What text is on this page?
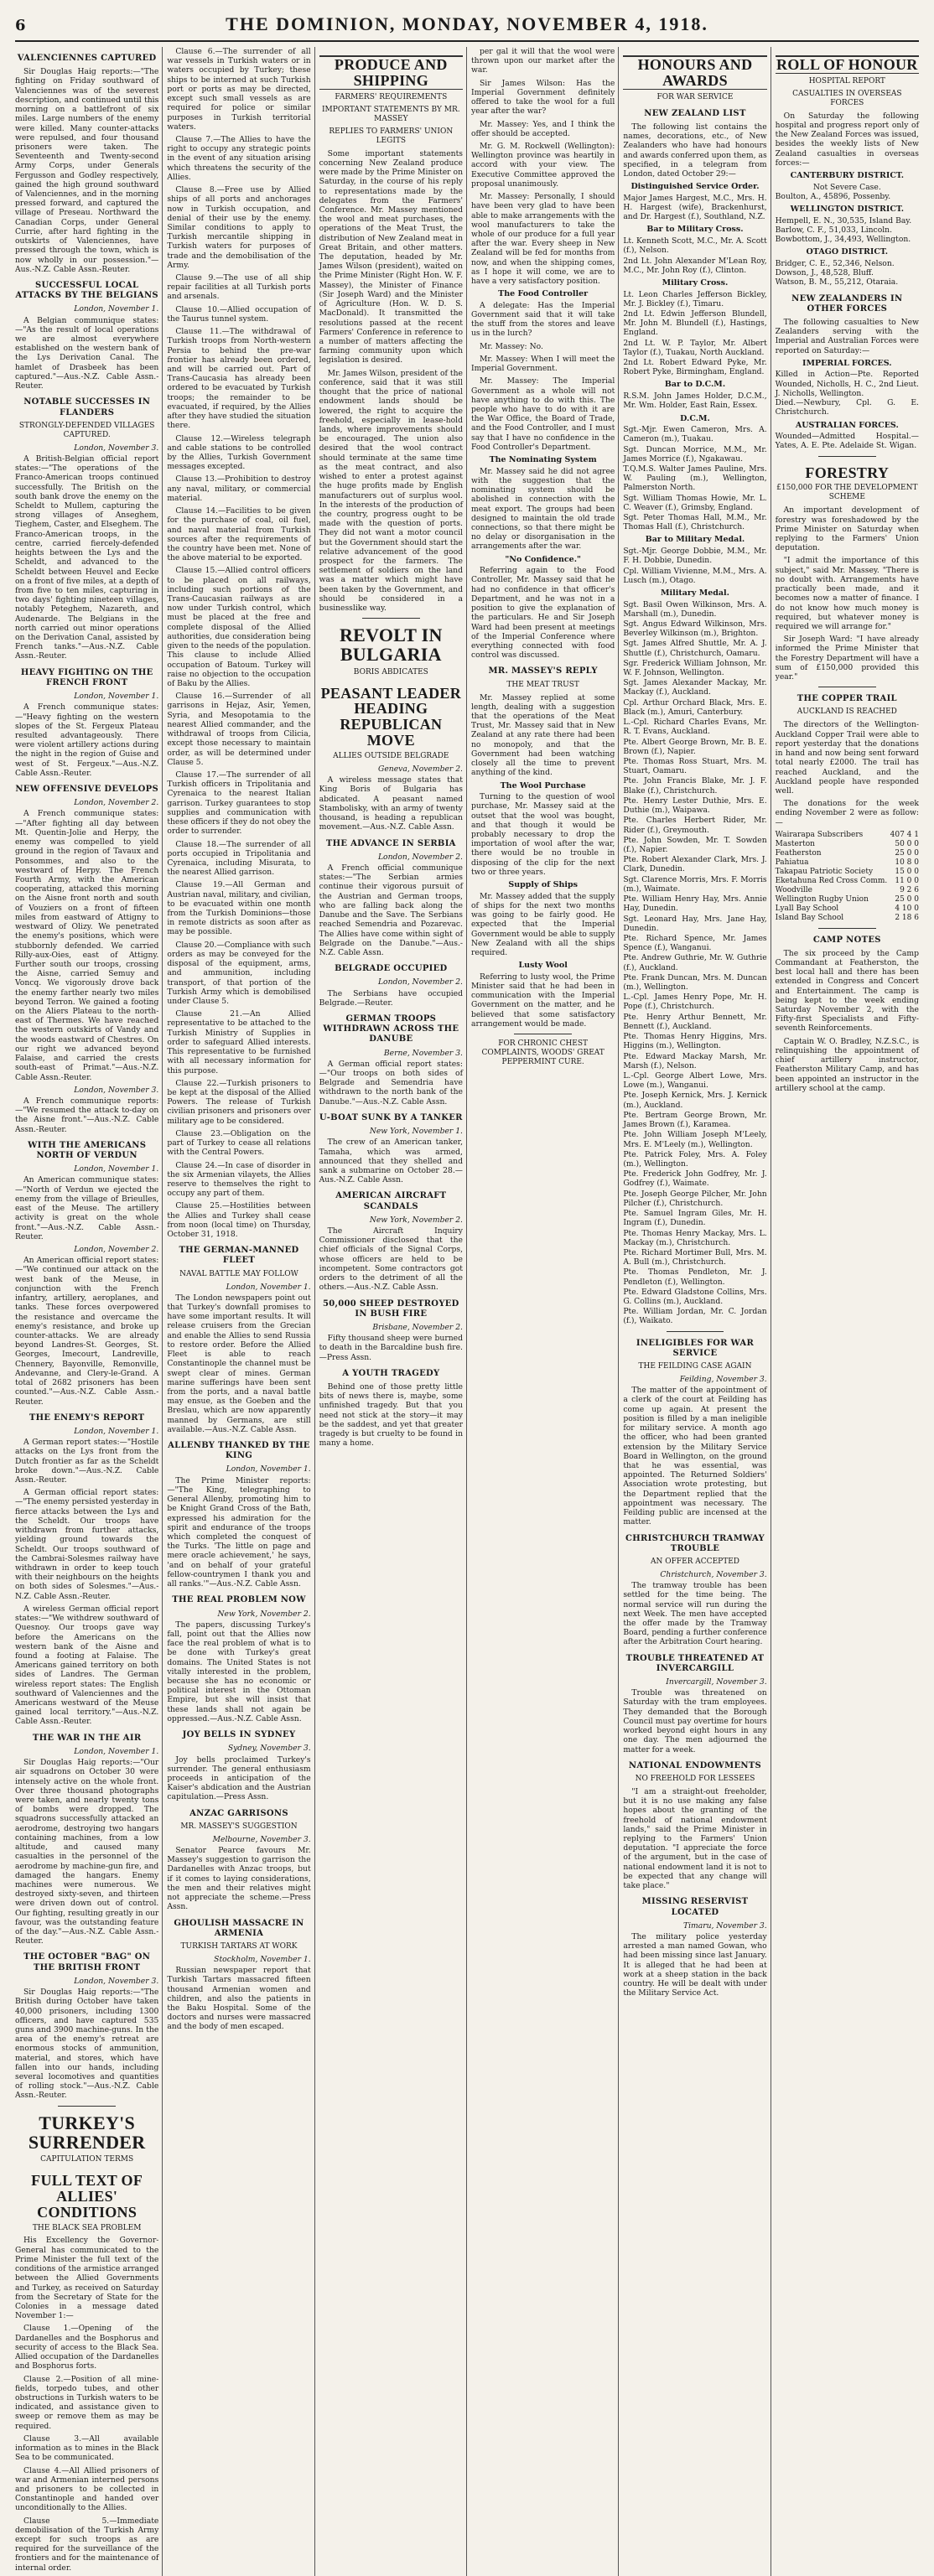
6	THE DOMINION, MONDAY, NOVEMBER 4, 1918.
VALENCIENNES CAPTURED

Sir Douglas Haig reports:—"The fighting on Friday southward of Valenciennes was of the severest description, and continued until this morning on a battlefront of six miles. Large numbers of the enemy were killed. Many counter-attacks were repulsed, and four thousand prisoners were taken. The Seventeenth and Twenty-second Army Corps, under Generals Fergusson and Godley respectively, gained the high ground southward of Valenciennes, and in the morning pressed forward, and captured the village of Preseau. Northward the Canadian Corps, under General Currie, after hard fighting in the outskirts of Valenciennes, have pressed through the town, which is now wholly in our possession."—Aus.-N.Z. Cable Assn.-Reuter.

SUCCESSFUL LOCAL ATTACKS BY THE BELGIANS
London, November 1.

A Belgian communique states:—"As the result of local operations we are almost everywhere established on the western bank of the Lys Derivation Canal. The hamlet of Drasbeek has been captured."—Aus.-N.Z. Cable Assn.-Reuter.

NOTABLE SUCCESSES IN FLANDERS
STRONGLY-DEFENDED VILLAGES CAPTURED.
London, November 3.

A British-Belgian official report states:—"The operations of the Franco-American troops continued successfully. The British on the south bank drove the enemy on the Scheldt to Mullem, capturing the strong villages of Anseghem, Tieghem, Caster, and Elseghem. The Franco-American troops, in the centre, carried fiercely-defended heights between the Lys and the Scheldt, and advanced to the Scheldt between Heuvel and Eecke on a front of five miles, at a depth of from five to ten miles, capturing in two days' fighting nineteen villages, notably Peteghem, Nazareth, and Audenarde. The Belgians in the north carried out minor operations on the Derivation Canal, assisted by French tanks."—Aus.-N.Z. Cable Assn.-Reuter.

HEAVY FIGHTING ON THE FRENCH FRONT
London, November 1.

A French communique states:—"Heavy fighting on the western slopes of the St. Fergeux Plateau resulted advantageously. There were violent artillery actions during the night in the region of Guise and west of St. Fergeux."—Aus.-N.Z. Cable Assn.-Reuter.

NEW OFFENSIVE DEVELOPS
London, November 2.

A French communique states:—"After fighting all day between Mt. Quentin-Jolie and Herpy, the enemy was compelled to yield ground in the region of Tavaux and Ponsommes, and also to the westward of Herpy. The French Fourth Army, with the American cooperating, attacked this morning on the Aisne front north and south of Vouziers on a front of fifteen miles from eastward of Attigny to westward of Olizy. We penetrated the enemy's positions, which were stubbornly defended. We carried Rilly-aux-Oies, east of Attigny. Further south our troops, crossing the Aisne, carried Semuy and Voncq. We vigorously drove back the enemy farther nearly two miles beyond Terron. We gained a footing on the Aliers Plateau to the north-east of Thermes. We have reached the western outskirts of Vandy and the woods eastward of Chestres. On our right we advanced beyond Falaise, and carried the crests south-east of Primat."—Aus.-N.Z. Cable Assn.-Reuter.

London, November 3.

A French communique reports:—"We resumed the attack to-day on the Aisne front."—Aus.-N.Z. Cable Assn.-Reuter.

WITH THE AMERICANS NORTH OF VERDUN
London, November 1.

An American communique states:—"North of Verdun we ejected the enemy from the village of Brieulles, east of the Meuse. The artillery activity is great on the whole front."—Aus.-N.Z. Cable Assn.-Reuter.

London, November 2.

An American official report states:—"We continued our attack on the west bank of the Meuse, in conjunction with the French infantry, artillery, aeroplanes, and tanks. These forces overpowered the resistance and overcame the enemy's resistance, and broke up counter-attacks. We are already beyond Landres-St. Georges, St. Georges, Imecourt, Landreville, Chennery, Bayonville, Remonville, Andevanne, and Clery-le-Grand. A total of 2682 prisoners has been counted."—Aus.-N.Z. Cable Assn.-Reuter.

THE ENEMY'S REPORT
London, November 1.

A German report states:—"Hostile attacks on the Lys front from the Dutch frontier as far as the Scheldt broke down."—Aus.-N.Z. Cable Assn.-Reuter.

A German official report states:—"The enemy persisted yesterday in fierce attacks between the Lys and the Scheldt. Our troops have withdrawn from further attacks, yielding ground towards the Scheldt. Our troops southward of the Cambrai-Solesmes railway have withdrawn in order to keep touch with their neighbours on the heights on both sides of Solesmes."—Aus.-N.Z. Cable Assn.-Reuter.

A wireless German official report states:—"We withdrew southward of Quesnoy. Our troops gave way before the Americans on the western bank of the Aisne and found a footing at Falaise. The Americans gained territory on both sides of Landres. The German wireless report states: The English southward of Valenciennes and the Americans westward of the Meuse gained local territory."—Aus.-N.Z. Cable Assn.-Reuter.

THE WAR IN THE AIR
London, November 1.

Sir Douglas Haig reports:—"Our air squadrons on October 30 were intensely active on the whole front. Over three thousand photographs were taken, and nearly twenty tons of bombs were dropped. The squadrons successfully attacked an aerodrome, destroying two hangars containing machines, from a low altitude, and caused many casualties in the personnel of the aerodrome by machine-gun fire, and damaged the hangars. Enemy machines were numerous. We destroyed sixty-seven, and thirteen were driven down out of control. Our fighting, resulting greatly in our favour, was the outstanding feature of the day."—Aus.-N.Z. Cable Assn.-Reuter.

THE OCTOBER "BAG" ON THE BRITISH FRONT
London, November 3.

Sir Douglas Haig reports:—"The British during October have taken 40,000 prisoners, including 1300 officers, and have captured 535 guns and 3900 machine-guns. In the area of the enemy's retreat are enormous stocks of ammunition, material, and stores, which have fallen into our hands, including several locomotives and quantities of rolling stock."—Aus.-N.Z. Cable Assn.-Reuter.

TURKEY'S SURRENDER
CAPITULATION TERMS
FULL TEXT OF ALLIES' CONDITIONS
THE BLACK SEA PROBLEM

His Excellency the Governor-General has communicated to the Prime Minister the full text of the conditions of the armistice arranged between the Allied Governments and Turkey, as received on Saturday from the Secretary of State for the Colonies in a message dated November 1:—

Clause 1.—Opening of the Dardanelles and the Bosphorus and security of access to the Black Sea. Allied occupation of the Dardanelles and Bosphorus forts.

Clause 2.—Position of all mine-fields, torpedo tubes, and other obstructions in Turkish waters to be indicated, and assistance given to sweep or remove them as may be required.

Clause 3.—All available information as to mines in the Black Sea to be communicated.

Clause 4.—All Allied prisoners of war and Armenian interned persons and prisoners to be collected in Constantinople and handed over unconditionally to the Allies.

Clause 5.—Immediate demobilisation of the Turkish Army except for such troops as are required for the surveillance of the frontiers and for the maintenance of internal order.

Clause 6.—The surrender of all war vessels in Turkish waters or in waters occupied by Turkey; these ships to be interned at such Turkish port or ports as may be directed, except such small vessels as are required for police or similar purposes in Turkish territorial waters.

Clause 7.—The Allies to have the right to occupy any strategic points in the event of any situation arising which threatens the security of the Allies.

Clause 8.—Free use by Allied ships of all ports and anchorages now in Turkish occupation, and denial of their use by the enemy. Similar conditions to apply to Turkish mercantile shipping in Turkish waters for purposes of trade and the demobilisation of the Army.

Clause 9.—The use of all ship repair facilities at all Turkish ports and arsenals.

Clause 10.—Allied occupation of the Taurus tunnel system.

Clause 11.—The withdrawal of Turkish troops from North-western Persia to behind the pre-war frontier has already been ordered, and will be carried out. Part of Trans-Caucasia has already been ordered to be evacuated by Turkish troops; the remainder to be evacuated, if required, by the Allies after they have studied the situation there.

Clause 12.—Wireless telegraph and cable stations to be controlled by the Allies, Turkish Government messages excepted.

Clause 13.—Prohibition to destroy any naval, military, or commercial material.

Clause 14.—Facilities to be given for the purchase of coal, oil fuel, and naval material from Turkish sources after the requirements of the country have been met. None of the above material to be exported.

Clause 15.—Allied control officers to be placed on all railways, including such portions of the Trans-Caucasian railways as are now under Turkish control, which must be placed at the free and complete disposal of the Allied authorities, due consideration being given to the needs of the population. This clause to include Allied occupation of Batoum. Turkey will raise no objection to the occupation of Baku by the Allies.

Clause 16.—Surrender of all garrisons in Hejaz, Asir, Yemen, Syria, and Mesopotamia to the nearest Allied commander, and the withdrawal of troops from Cilicia, except those necessary to maintain order, as will be determined under Clause 5.

Clause 17.—The surrender of all Turkish officers in Tripolitania and Cyrenaica to the nearest Italian garrison. Turkey guarantees to stop supplies and communication with these officers if they do not obey the order to surrender.

Clause 18.—The surrender of all ports occupied in Tripolitania and Cyrenaica, including Misurata, to the nearest Allied garrison.

Clause 19.—All German and Austrian naval, military, and civilian, to be evacuated within one month from the Turkish Dominions—those in remote districts as soon after as may be possible.

Clause 20.—Compliance with such orders as may be conveyed for the disposal of the equipment, arms, and ammunition, including transport, of that portion of the Turkish Army which is demobilised under Clause 5.

Clause 21.—An Allied representative to be attached to the Turkish Ministry of Supplies in order to safeguard Allied interests. This representative to be furnished with all necessary information for this purpose.

Clause 22.—Turkish prisoners to be kept at the disposal of the Allied Powers. The release of Turkish civilian prisoners and prisoners over military age to be considered.

Clause 23.—Obligation on the part of Turkey to cease all relations with the Central Powers.

Clause 24.—In case of disorder in the six Armenian vilayets, the Allies reserve to themselves the right to occupy any part of them.

Clause 25.—Hostilities between the Allies and Turkey shall cease from noon (local time) on Thursday, October 31, 1918.

THE GERMAN-MANNED FLEET
NAVAL BATTLE MAY FOLLOW
London, November 1.

The London newspapers point out that Turkey's downfall promises to have some important results. It will release cruisers from the Grecian and enable the Allies to send Russia to restore order. Before the Allied Fleet is able to reach Constantinople the channel must be swept clear of mines. German marine sufferings have been sent from the ports, and a naval battle may ensue, as the Goeben and the Breslau, which are now apparently manned by Germans, are still available.—Aus.-N.Z. Cable Assn.

ALLENBY THANKED BY THE KING
London, November 1.

The Prime Minister reports:—"The King, telegraphing to General Allenby, promoting him to be Knight Grand Cross of the Bath, expressed his admiration for the spirit and endurance of the troops which completed the conquest of the Turks. 'The little on page and mere oracle achievement,' he says, 'and on behalf of your grateful fellow-countrymen I thank you and all ranks.'"—Aus.-N.Z. Cable Assn.

THE REAL PROBLEM NOW
New York, November 2.

The papers, discussing Turkey's fall, point out that the Allies now face the real problem of what is to be done with Turkey's great domains. The United States is not vitally interested in the problem, because she has no economic or political interest in the Ottoman Empire, but she will insist that these lands shall not again be oppressed.—Aus.-N.Z. Cable Assn.

JOY BELLS IN SYDNEY
Sydney, November 3.

Joy bells proclaimed Turkey's surrender. The general enthusiasm proceeds in anticipation of the Kaiser's abdication and the Austrian capitulation.—Press Assn.

ANZAC GARRISONS
MR. MASSEY'S SUGGESTION
Melbourne, November 3.

Senator Pearce favours Mr. Massey's suggestion to garrison the Dardanelles with Anzac troops, but if it comes to laying considerations, the men and their relatives might not appreciate the scheme.—Press Assn.

GHOULISH MASSACRE IN ARMENIA
TURKISH TARTARS AT WORK
Stockholm, November 1.

Russian newspaper report that Turkish Tartars massacred fifteen thousand Armenian women and children, and also the patients in the Baku Hospital. Some of the doctors and nurses were massacred and the body of men escaped.

PRODUCE AND SHIPPING
FARMERS' REQUIREMENTS
IMPORTANT STATEMENTS BY MR. MASSEY
REPLIES TO FARMERS' UNION LEGITS

Some important statements concerning New Zealand produce were made by the Prime Minister on Saturday, in the course of his reply to representations made by the delegates from the Farmers' Conference. Mr. Massey mentioned the wool and meat purchases, the operations of the Meat Trust, the distribution of New Zealand meat in Great Britain, and other matters. The deputation, headed by Mr. James Wilson (president), waited on the Prime Minister (Right Hon. W. F. Massey), the Minister of Finance (Sir Joseph Ward) and the Minister of Agriculture (Hon. W. D. S. MacDonald). It transmitted the resolutions passed at the recent Farmers' Conference in reference to a number of matters affecting the farming community upon which legislation is desired.

Mr. James Wilson, president of the conference, said that it was still thought that the price of national endowment lands should be lowered, the right to acquire the freehold, especially in lease-hold lands, where improvements should be encouraged. The union also desired that the wool contract should terminate at the same time as the meat contract, and also wished to enter a protest against the huge profits made by English manufacturers out of surplus wool. In the interests of the production of the country, progress ought to be made with the question of ports. They did not want a motor council but the Government should start the relative advancement of the good prospect for the farmers. The settlement of soldiers on the land was a matter which might have been taken by the Government, and should be considered in a businesslike way.

REVOLT IN BULGARIA
BORIS ABDICATES
PEASANT LEADER HEADING REPUBLICAN MOVE
ALLIES OUTSIDE BELGRADE
Geneva, November 2.

A wireless message states that King Boris of Bulgaria has abdicated. A peasant named Stambolisky, with an army of twenty thousand, is heading a republican movement.—Aus.-N.Z. Cable Assn.

THE ADVANCE IN SERBIA
London, November 2.

A French official communique states:—"The Serbian armies continue their vigorous pursuit of the Austrian and German troops, who are falling back along the Danube and the Save. The Serbians reached Semendria and Pozarevac. The Allies have come within sight of Belgrade on the Danube."—Aus.-N.Z. Cable Assn.

BELGRADE OCCUPIED
London, November 2.

The Serbians have occupied Belgrade.—Reuter.

GERMAN TROOPS WITHDRAWN ACROSS THE DANUBE
Berne, November 3.

A German official report states:—"Our troops on both sides of Belgrade and Semendria have withdrawn to the north bank of the Danube."—Aus.-N.Z. Cable Assn.

U-BOAT SUNK BY A TANKER
New York, November 1.

The crew of an American tanker, Tamaha, which was armed, announced that they shelled and sank a submarine on October 28.—Aus.-N.Z. Cable Assn.

AMERICAN AIRCRAFT SCANDALS
New York, November 2.

The Aircraft Inquiry Commissioner disclosed that the chief officials of the Signal Corps, whose officers are held to be incompetent. Some contractors got orders to the detriment of all the others.—Aus.-N.Z. Cable Assn.

50,000 SHEEP DESTROYED IN BUSH FIRE
Brisbane, November 2.

Fifty thousand sheep were burned to death in the Barcaldine bush fire.—Press Assn.

A YOUTH TRAGEDY

Behind one of those pretty little bits of news there is, maybe, some unfinished tragedy. But that you need not stick at the story—it may be the saddest, and yet that greater tragedy is but cruelty to be found in many a home.

per gal it will that the wool were thrown upon our market after the war.

Sir James Wilson: Has the Imperial Government definitely offered to take the wool for a full year after the war?

Mr. Massey: Yes, and I think the offer should be accepted.

Mr. G. M. Rockwell (Wellington): Wellington province was heartily in accord with your view. The Executive Committee approved the proposal unanimously.

Mr. Massey: Personally, I should have been very glad to have been able to make arrangements with the wool manufacturers to take the whole of our produce for a full year after the war. Every sheep in New Zealand will be fed for months from now, and when the shipping comes, as I hope it will come, we are to have a very satisfactory position.

The Food Controller

A delegate: Has the Imperial Government said that it will take the stuff from the stores and leave us in the lurch?

Mr. Massey: No.

Mr. Massey: When I will meet the Imperial Government.

Mr. Massey: The Imperial Government as a whole will not have anything to do with this. The people who have to do with it are the War Office, the Board of Trade, and the Food Controller, and I must say that I have no confidence in the Food Controller's Department.

The Nominating System

Mr. Massey said he did not agree with the suggestion that the nominating system should be abolished in connection with the meat export. The groups had been designed to maintain the old trade connections, so that there might be no delay or disorganisation in the arrangements after the war.

"No Confidence."

Referring again to the Food Controller, Mr. Massey said that he had no confidence in that officer's Department, and he was not in a position to give the explanation of the particulars. He and Sir Joseph Ward had been present at meetings of the Imperial Conference where everything connected with food control was discussed.

MR. MASSEY'S REPLY
THE MEAT TRUST

Mr. Massey replied at some length, dealing with a suggestion that the operations of the Meat Trust, Mr. Massey said that in New Zealand at any rate there had been no monopoly, and that the Government had been watching closely all the time to prevent anything of the kind.

The Wool Purchase

Turning to the question of wool purchase, Mr. Massey said at the outset that the wool was bought, and that though it would be probably necessary to drop the importation of wool after the war, there would be no trouble in disposing of the clip for the next two or three years.

Supply of Ships

Mr. Massey added that the supply of ships for the next two months was going to be fairly good. He expected that the Imperial Government would be able to supply New Zealand with all the ships required.

Lusty Wool

Referring to lusty wool, the Prime Minister said that he had been in communication with the Imperial Government on the matter, and he believed that some satisfactory arrangement would be made.

FOR CHRONIC CHEST COMPLAINTS, WOODS' GREAT PEPPERMINT CURE.
HONOURS AND AWARDS
FOR WAR SERVICE
NEW ZEALAND LIST

The following list contains the names, decorations, etc., of New Zealanders who have had honours and awards conferred upon them, as specified, in a telegram from London, dated October 29:—

Distinguished Service Order.

Major James Hargest, M.C., Mrs. H. H. Hargest (wife), Brackenhurst, and Dr. Hargest (f.), Southland, N.Z.

Bar to Military Cross.

Lt. Kenneth Scott, M.C., Mr. A. Scott (f.), Nelson.

2nd Lt. John Alexander M'Lean Roy, M.C., Mr. John Roy (f.), Clinton.

Military Cross.

Lt. Leon Charles Jefferson Bickley, Mr. J. Bickley (f.), Timaru.

2nd Lt. Edwin Jefferson Blundell, Mr. John M. Blundell (f.), Hastings, England.

2nd Lt. W. P. Taylor, Mr. Albert Taylor (f.), Tuakau, North Auckland.

2nd Lt. Robert Edward Pyke, Mr. Robert Pyke, Birmingham, England.

Bar to D.C.M.

R.S.M. John James Holder, D.C.M., Mr. Wm. Holder, East Rain, Essex.

D.C.M.

Sgt.-Mjr. Ewen Cameron, Mrs. A. Cameron (m.), Tuakau.

Sgt. Duncan Morrice, M.M., Mr. James Morrice (f.), Ngakawau.

T.Q.M.S. Walter James Pauline, Mrs. W. Pauling (m.), Wellington, Palmerston North.

Sgt. William Thomas Howie, Mr. L. C. Weaver (f.), Grimsby, England.

Sgt. Peter Thomas Hall, M.M., Mr. Thomas Hall (f.), Christchurch.

Bar to Military Medal.

Sgt.-Mjr. George Dobbie, M.M., Mr. F. H. Dobbie, Dunedin.

Cpl. William Vivienne, M.M., Mrs. A. Lusch (m.), Otago.

Military Medal.

Sgt. Basil Owen Wilkinson, Mrs. A. Marshall (m.), Dunedin.

Sgt. Angus Edward Wilkinson, Mrs. Beverley Wilkinson (m.), Brighton.

Sgt. James Alfred Shuttle, Mr. A. J. Shuttle (f.), Christchurch, Oamaru.

Sgr. Frederick William Johnson, Mr. W. F. Johnson, Wellington.

Sgt. James Alexander Mackay, Mr. Mackay (f.), Auckland.

Cpl. Arthur Orchard Black, Mrs. E. Black (m.), Amuri, Canterbury.

L.-Cpl. Richard Charles Evans, Mr. R. T. Evans, Auckland.

Pte. Albert George Brown, Mr. B. E. Brown (f.), Napier.

Pte. Thomas Ross Stuart, Mrs. M. Stuart, Oamaru.

Pte. John Francis Blake, Mr. J. F. Blake (f.), Christchurch.

Pte. Henry Lester Duthie, Mrs. E. Duthie (m.), Waipawa.

Pte. Charles Herbert Rider, Mr. Rider (f.), Greymouth.

Pte. John Sowden, Mr. T. Sowden (f.), Napier.

Pte. Robert Alexander Clark, Mrs. J. Clark, Dunedin.

Sgt. Clarence Morris, Mrs. F. Morris (m.), Waimate.

Pte. William Henry Hay, Mrs. Annie Hay, Dunedin.

Sgt. Leonard Hay, Mrs. Jane Hay, Dunedin.

Pte. Richard Spence, Mr. James Spence (f.), Wanganui.

Pte. Andrew Guthrie, Mr. W. Guthrie (f.), Auckland.

Pte. Frank Duncan, Mrs. M. Duncan (m.), Wellington.

L.-Cpl. James Henry Pope, Mr. H. Pope (f.), Christchurch.

Pte. Henry Arthur Bennett, Mr. Bennett (f.), Auckland.

Pte. Thomas Henry Higgins, Mrs. Higgins (m.), Wellington.

Pte. Edward Mackay Marsh, Mr. Marsh (f.), Nelson.

L.-Cpl. George Albert Lowe, Mrs. Lowe (m.), Wanganui.

Pte. Joseph Kernick, Mrs. J. Kernick (m.), Auckland.

Pte. Bertram George Brown, Mr. James Brown (f.), Karamea.

Pte. John William Joseph M'Leely, Mrs. E. M'Leely (m.), Wellington.

Pte. Patrick Foley, Mrs. A. Foley (m.), Wellington.

Pte. Frederick John Godfrey, Mr. J. Godfrey (f.), Waimate.

Pte. Joseph George Pilcher, Mr. John Pilcher (f.), Christchurch.

Pte. Samuel Ingram Giles, Mr. H. Ingram (f.), Dunedin.

Pte. Thomas Henry Mackay, Mrs. L. Mackay (m.), Christchurch.

Pte. Richard Mortimer Bull, Mrs. M. A. Bull (m.), Christchurch.

Pte. Thomas Pendleton, Mr. J. Pendleton (f.), Wellington.

Pte. Edward Gladstone Collins, Mrs. G. Collins (m.), Auckland.

Pte. William Jordan, Mr. C. Jordan (f.), Waikato.

INELIGIBLES FOR WAR SERVICE
THE FEILDING CASE AGAIN
Feilding, November 3.

The matter of the appointment of a clerk of the court at Feilding has come up again. At present the position is filled by a man ineligible for military service. A month ago the officer, who had been granted extension by the Military Service Board in Wellington, on the ground that he was essential, was appointed. The Returned Soldiers' Association wrote protesting, but the Department replied that the appointment was necessary. The Feilding public are incensed at the matter.

CHRISTCHURCH TRAMWAY TROUBLE
AN OFFER ACCEPTED
Christchurch, November 3.

The tramway trouble has been settled for the time being. The normal service will run during the next Week. The men have accepted the offer made by the Tramway Board, pending a further conference after the Arbitration Court hearing.

TROUBLE THREATENED AT INVERCARGILL
Invercargill, November 3.

Trouble was threatened on Saturday with the tram employees. They demanded that the Borough Council must pay overtime for hours worked beyond eight hours in any one day. The men adjourned the matter for a week.

NATIONAL ENDOWMENTS
NO FREEHOLD FOR LESSEES

"I am a straight-out freeholder, but it is no use making any false hopes about the granting of the freehold of national endowment lands," said the Prime Minister in replying to the Farmers' Union deputation. "I appreciate the force of the argument, but in the case of national endowment land it is not to be expected that any change will take place."

MISSING RESERVIST LOCATED
Timaru, November 3.

The military police yesterday arrested a man named Gowan, who had been missing since last January. It is alleged that he had been at work at a sheep station in the back country. He will be dealt with under the Military Service Act.

ROLL OF HONOUR
HOSPITAL REPORT
CASUALTIES IN OVERSEAS FORCES

On Saturday the following hospital and progress report only of the New Zealand Forces was issued, besides the weekly lists of New Zealand casualties in overseas forces:—

CANTERBURY DISTRICT.

Not Severe Case.

Boulton, A., 45896, Possenby.

WELLINGTON DISTRICT.

Hempell, E. N., 30,535, Island Bay.

Barlow, C. F., 51,033, Lincoln.

Bowbottom, J., 34,493, Wellington.

OTAGO DISTRICT.

Bridger, C. E., 52,346, Nelson.

Dowson, J., 48,528, Bluff.

Watson, B. M., 55,212, Otaraia.

NEW ZEALANDERS IN OTHER FORCES

The following casualties to New Zealanders serving with the Imperial and Australian Forces were reported on Saturday:—

IMPERIAL FORCES.

Killed in Action—Pte. Reported Wounded, Nicholls, H. C., 2nd Lieut. J. Nicholls, Wellington.

Died.—Newbury, Cpl. G. E. Christchurch.

AUSTRALIAN FORCES.

Wounded—Admitted Hospital.—Yates, A. E. Pte. Adelaide St. Wigan.

FORESTRY
£150,000 FOR THE DEVELOPMENT SCHEME

An important development of forestry was foreshadowed by the Prime Minister on Saturday when replying to the Farmers' Union deputation.

"I admit the importance of this subject," said Mr. Massey. "There is no doubt with. Arrangements have practically been made, and it becomes now a matter of finance. I do not know how much money is required, but whatever money is required we will arrange for."

Sir Joseph Ward: "I have already informed the Prime Minister that the Forestry Department will have a sum of £150,000 provided this year."

THE COPPER TRAIL
AUCKLAND IS REACHED

The directors of the Wellington-Auckland Copper Trail were able to report yesterday that the donations in hand and now being sent forward total nearly £2000. The trail has reached Auckland, and the Auckland people have responded well.

The donations for the week ending November 2 were as follow:—

Wairarapa Subscribers	407 4 1
Masterton	50 0 0
Featherston	25 0 0
Pahiatua	10 8 0
Takapau Patriotic Society	15 0 0
Eketahuna Red Cross Comm.	11 0 0
Woodville	9 2 6
Wellington Rugby Union	25 0 0
Lyall Bay School	4 10 0
Island Bay School	2 18 6
CAMP NOTES

The six proceed by the Camp Commandant at Featherston, the best local hall and there has been extended in Congress and Concert and Entertainment. The camp is being kept to the week ending Saturday November 2, with the Fifty-first Specialists and Fifty-seventh Reinforcements.

Captain W. O. Bradley, N.Z.S.C., is relinquishing the appointment of chief artillery instructor, Featherston Military Camp, and has been appointed an instructor in the artillery school at the camp.
